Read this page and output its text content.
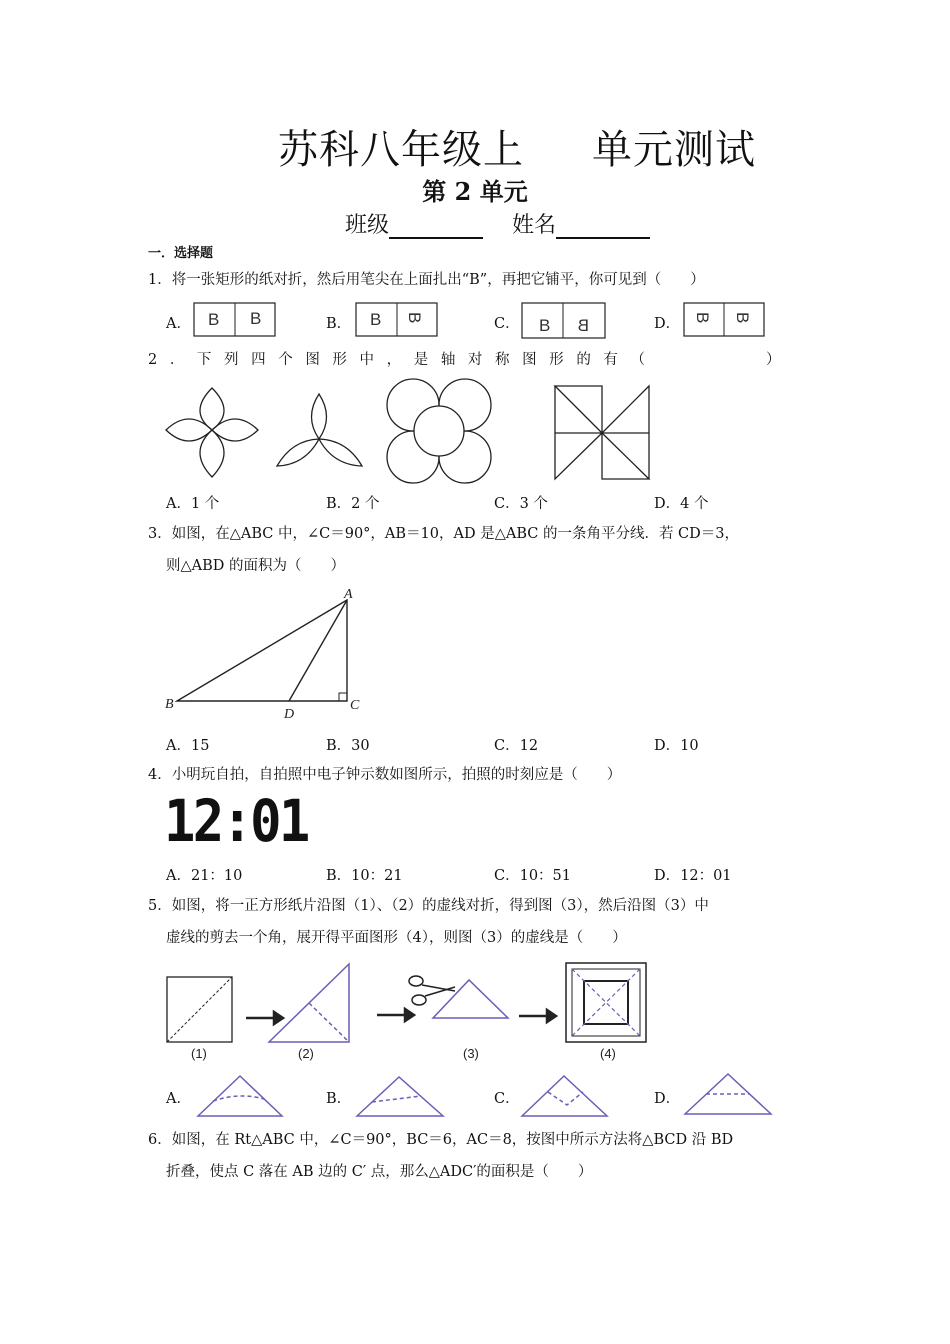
苏科八年级上 单元测试
第 2 单元
班级	姓名
一．选择题
1．将一张矩形的纸对折，然后用笔尖在上面扎出“B”，再把它铺平，你可见到（　　）
A．	B．	C．	D．
B B	B B	B B	B B
2．下列四个图形中，是轴对称图形的有（　　　　）
A．1 个	B．2 个	C．3 个	D．4 个
3．如图，在△ABC 中，∠C＝90°，AB＝10，AD 是△ABC 的一条角平分线．若 CD＝3，
则△ABD 的面积为（　　）
A
B	C
D
A．15	B．30	C．12	D．10
4．小明玩自拍，自拍照中电子钟示数如图所示，拍照的时刻应是（　　）
12:01
A．21：10	B．10：21	C．10：51	D．12：01
5．如图，将一正方形纸片沿图（1）、（2）的虚线对折，得到图（3），然后沿图（3）中
虚线的剪去一个角，展开得平面图形（4），则图（3）的虚线是（　　）
(1)	(2)	(3)	(4)
A．	B．	C．	D．
6．如图，在 Rt△ABC 中，∠C＝90°，BC＝6，AC＝8，按图中所示方法将△BCD 沿 BD
折叠，使点 C 落在 AB 边的 C′ 点，那么△ADC′的面积是（　　）
